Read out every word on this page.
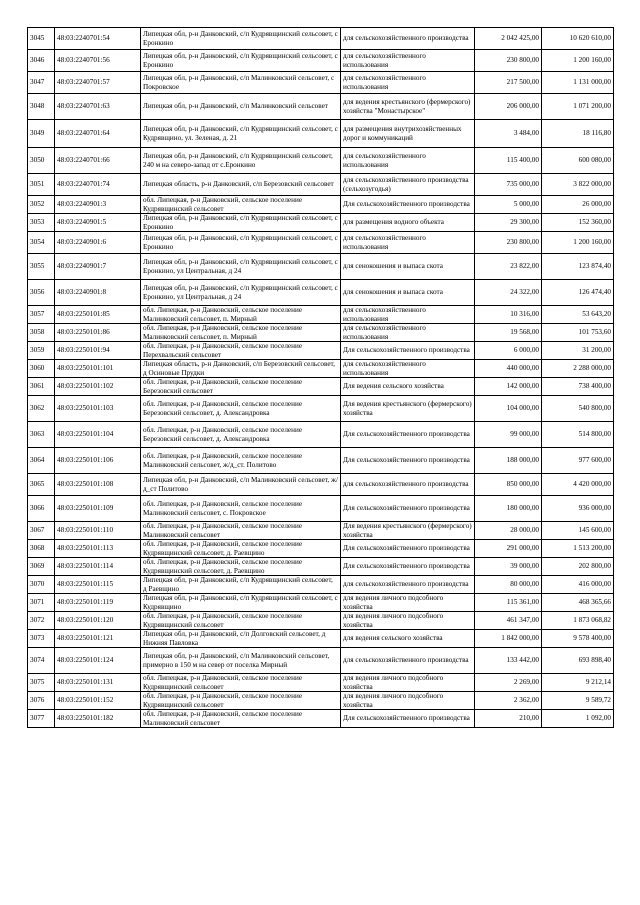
3045	48:03:2240701:54	Липецкая обл, р-н Данковский, с/п Кудрявщинский сельсовет, с Еронкино	для сельскохозяйственного производства	2 042 425,00	10 620 610,00
3046	48:03:2240701:56	Липецкая обл, р-н Данковский, с/п Кудрявщинский сельсовет, с Еронкино	для сельскохозяйственного использования	230 800,00	1 200 160,00
3047	48:03:2240701:57	Липецкая обл, р-н Данковский, с/п Малинковский сельсовет, с Покровское	для сельскохозяйственного использования	217 500,00	1 131 000,00
3048	48:03:2240701:63	Липецкая обл, р-н Данковский, с/п Малинковский сельсовет	для ведения крестьянского (фермерского) хозяйства "Монастырское"	206 000,00	1 071 200,00
3049	48:03:2240701:64	Липецкая обл, р-н Данковский, с/п Кудрявщинский сельсовет, с Кудрявщино, ул. Зеленая, д. 21	для размещения внутрихозяйственных дорог и коммуникаций	3 484,00	18 116,80
3050	48:03:2240701:66	Липецкая обл, р-н Данковский, с/п Кудрявщинский сельсовет, 240 м на северо-запад от с.Еронкино	для сельскохозяйственного использования	115 400,00	600 080,00
3051	48:03:2240701:74	Липецкая область, р-н Данковский, с/п Березовский сельсовет	для сельскохозяйственного производства (сельхозугодья)	735 000,00	3 822 000,00
3052	48:03:2240901:3	обл. Липецкая, р-н Данковский, сельское поселение Кудрявщинский сельсовет	Для сельскохозяйственного производства	5 000,00	26 000,00
3053	48:03:2240901:5	Липецкая обл, р-н Данковский, с/п Кудрявщинский сельсовет, с Еронкино	для размещения водного объекта	29 300,00	152 360,00
3054	48:03:2240901:6	Липецкая обл, р-н Данковский, с/п Кудрявщинский сельсовет, с Еронкино	для сельскохозяйственного использования	230 800,00	1 200 160,00
3055	48:03:2240901:7	Липецкая обл, р-н Данковский, с/п Кудрявщинский сельсовет, с Еронкино, ул Центральная, д 24	для сенокошения и выпаса скота	23 822,00	123 874,40
3056	48:03:2240901:8	Липецкая обл, р-н Данковский, с/п Кудрявщинский сельсовет, с Еронкино, ул Центральная, д 24	для сенокошения и выпаса скота	24 322,00	126 474,40
3057	48:03:2250101:85	обл. Липецкая, р-н Данковский, сельское поселение Малинковский сельсовет, п. Мирный	для сельскохозяйственного использования	10 316,00	53 643,20
3058	48:03:2250101:86	обл. Липецкая, р-н Данковский, сельское поселение Малинковский сельсовет, п. Мирный	для сельскохозяйственного использования	19 568,00	101 753,60
3059	48:03:2250101:94	обл. Липецкая, р-н Данковский, сельское поселение Перехвальский сельсовет	Для сельскохозяйственного производства	6 000,00	31 200,00
3060	48:03:2250101:101	Липецкая область, р-н Данковский, с/п Березовский сельсовет, д Осиновые Прудки	для сельскохозяйственного использования	440 000,00	2 288 000,00
3061	48:03:2250101:102	обл. Липецкая, р-н Данковский, сельское поселение Березовский сельсовет	Для ведения сельского хозяйства	142 000,00	738 400,00
3062	48:03:2250101:103	обл. Липецкая, р-н Данковский, сельское поселение Березовский сельсовет, д. Александровка	Для ведения крестьянского (фермерского) хозяйства	104 000,00	540 800,00
3063	48:03:2250101:104	обл. Липецкая, р-н Данковский, сельское поселение Березовский сельсовет, д. Александровка	Для сельскохозяйственного производства	99 000,00	514 800,00
3064	48:03:2250101:106	обл. Липецкая, р-н Данковский, сельское поселение Малинковский сельсовет, ж/д_ст. Политово	Для сельскохозяйственного производства	188 000,00	977 600,00
3065	48:03:2250101:108	Липецкая обл, р-н Данковский, с/п Малинковский сельсовет, ж/д_ст Политово	для сельскохозяйственного производства	850 000,00	4 420 000,00
3066	48:03:2250101:109	обл. Липецкая, р-н Данковский, сельское поселение Малинковский сельсовет, с. Покровское	Для сельскохозяйственного производства	180 000,00	936 000,00
3067	48:03:2250101:110	обл. Липецкая, р-н Данковский, сельское поселение Малинковский сельсовет	Для ведения крестьянского (фермерского) хозяйства	28 000,00	145 600,00
3068	48:03:2250101:113	обл. Липецкая, р-н Данковский, сельское поселение Кудрявщинский сельсовет, д. Раевщино	Для сельскохозяйственного производства	291 000,00	1 513 200,00
3069	48:03:2250101:114	обл. Липецкая, р-н Данковский, сельское поселение Кудрявщинский сельсовет, д. Раевщино	Для сельскохозяйственного производства	39 000,00	202 800,00
3070	48:03:2250101:115	Липецкая обл, р-н Данковский, с/п Кудрявщинский сельсовет, д Раевщино	для сельскохозяйственного производства	80 000,00	416 000,00
3071	48:03:2250101:119	Липецкая обл, р-н Данковский, с/п Кудрявщинский сельсовет, с Кудрявщино	для ведения личного подсобного хозяйства	115 361,00	468 365,66
3072	48:03:2250101:120	обл. Липецкая, р-н Данковский, сельское поселение Кудрявщинский сельсовет	для ведения личного подсобного хозяйства	461 347,00	1 873 068,82
3073	48:03:2250101:121	Липецкая обл, р-н Данковский, с/п Долговский сельсовет, д Нижняя Павловка	для ведения сельского хозяйства	1 842 000,00	9 578 400,00
3074	48:03:2250101:124	Липецкая обл, р-н Данковский, с/п Малинковский сельсовет, примерно в 150 м на север от поселка Мирный	для сельскохозяйственного производства	133 442,00	693 898,40
3075	48:03:2250101:131	обл. Липецкая, р-н Данковский, сельское поселение Кудрявщинский сельсовет	для ведения личного подсобного хозяйства	2 269,00	9 212,14
3076	48:03:2250101:152	обл. Липецкая, р-н Данковский, сельское поселение Кудрявщинский сельсовет	для ведения личного подсобного хозяйства	2 362,00	9 589,72
3077	48:03:2250101:182	обл. Липецкая, р-н Данковский, сельское поселение Малинковский сельсовет	Для сельскохозяйственного производства	210,00	1 092,00
